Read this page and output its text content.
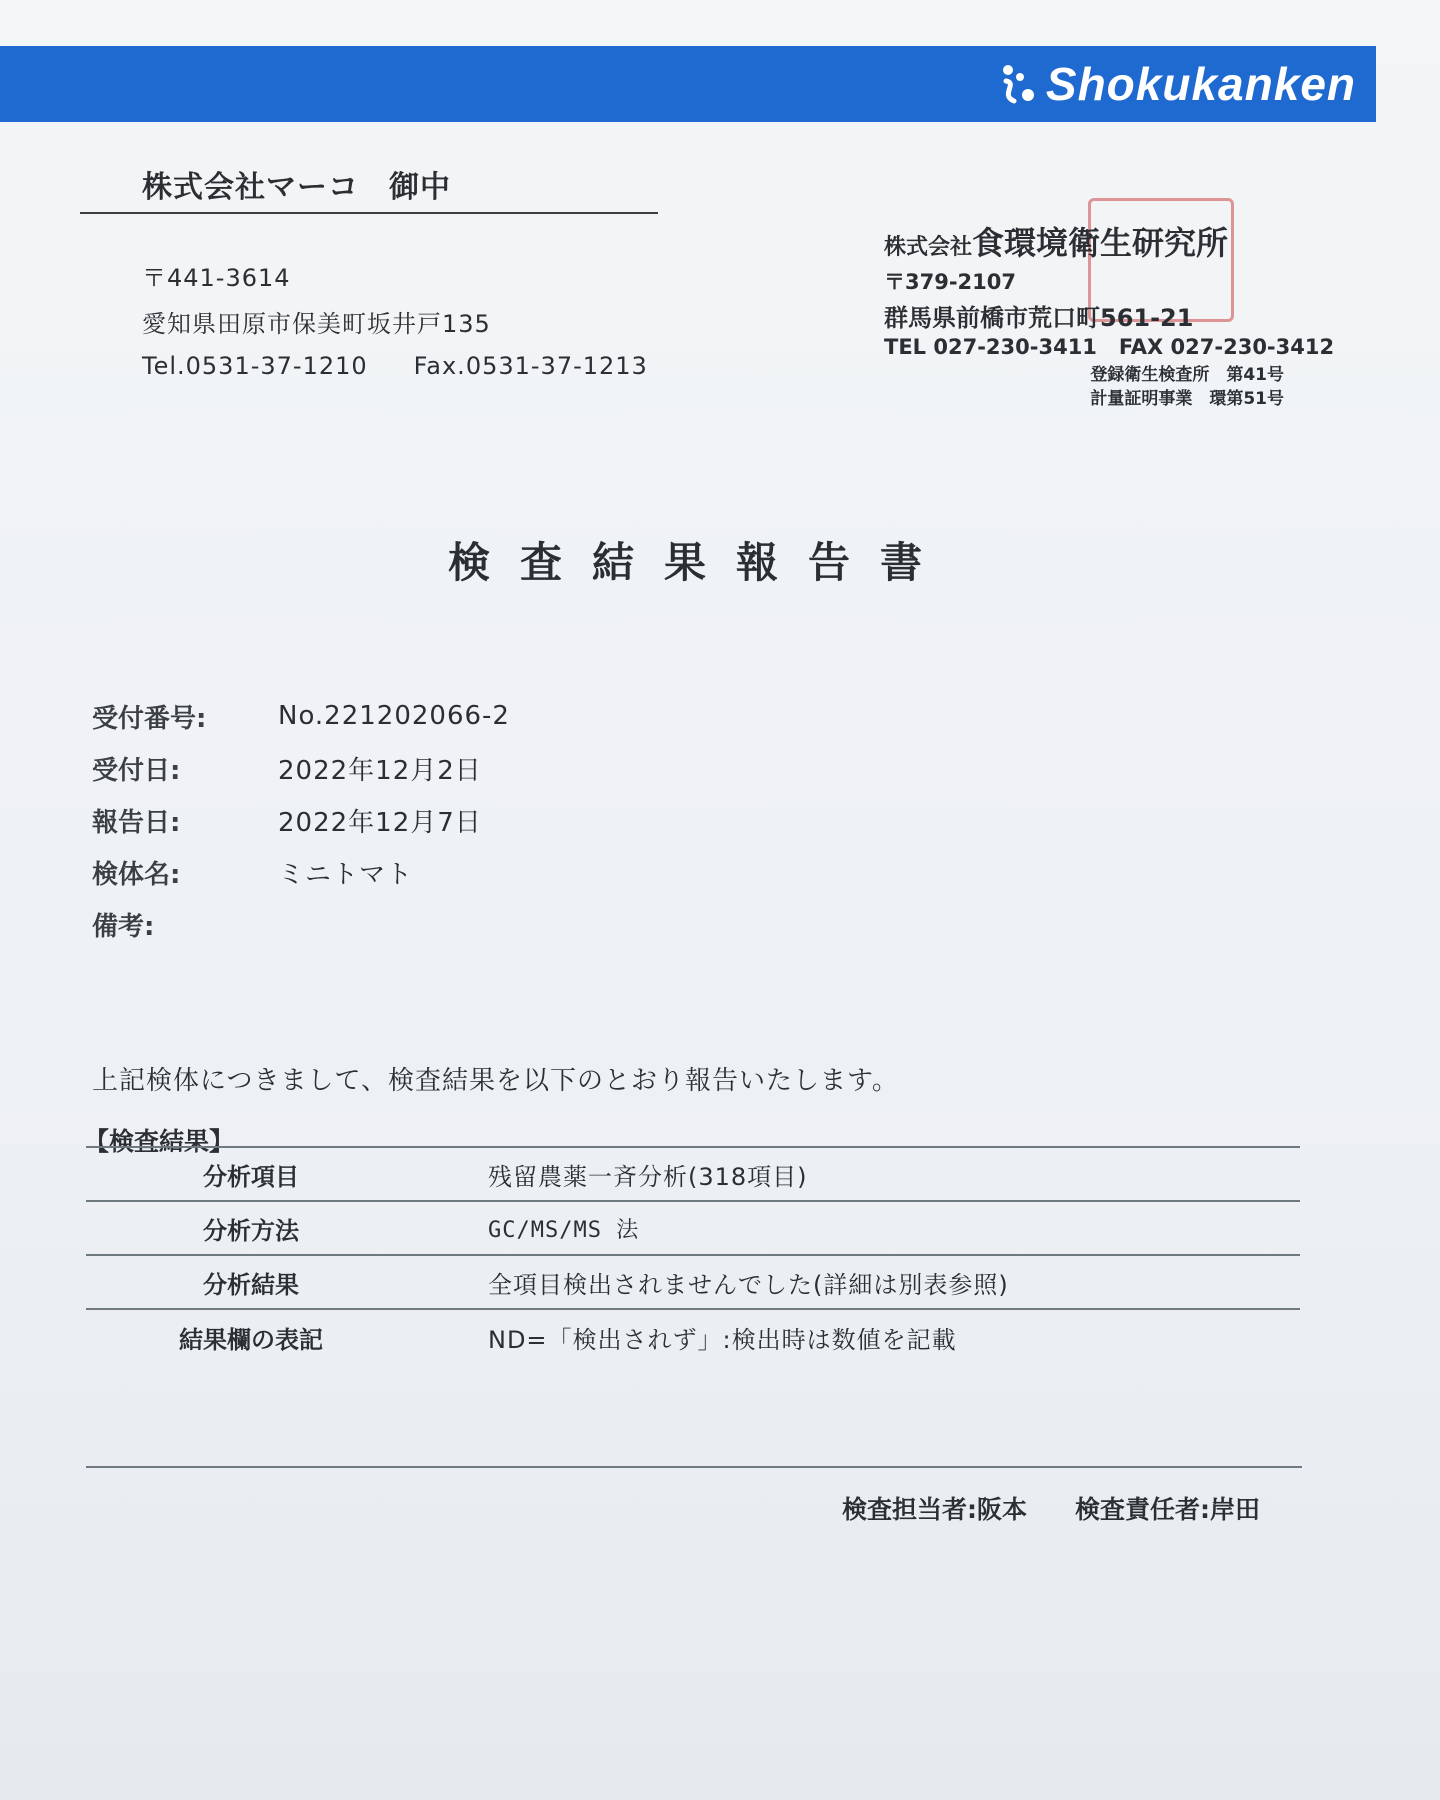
Shokukanken
株式会社マーコ 御中
〒441-3614
愛知県田原市保美町坂井戸135
Tel.0531-37-1210 Fax.0531-37-1213
株式会社食環境衛生研究所
〒379-2107
群馬県前橋市荒口町561-21
TEL 027-230-3411 FAX 027-230-3412
登録衛生検査所　第41号
計量証明事業　環第51号
検査結果報告書
受付番号:	No.221202066-2
受付日:	2022年12月2日
報告日:	2022年12月7日
検体名:	ミニトマト
備考:
上記検体につきまして、検査結果を以下のとおり報告いたします。
【検査結果】
分析項目	残留農薬一斉分析(318項目)
分析方法	GC/MS/MS 法
分析結果	全項目検出されませんでした(詳細は別表参照)
結果欄の表記	ND=「検出されず」:検出時は数値を記載
検査担当者:阪本 検査責任者:岸田
